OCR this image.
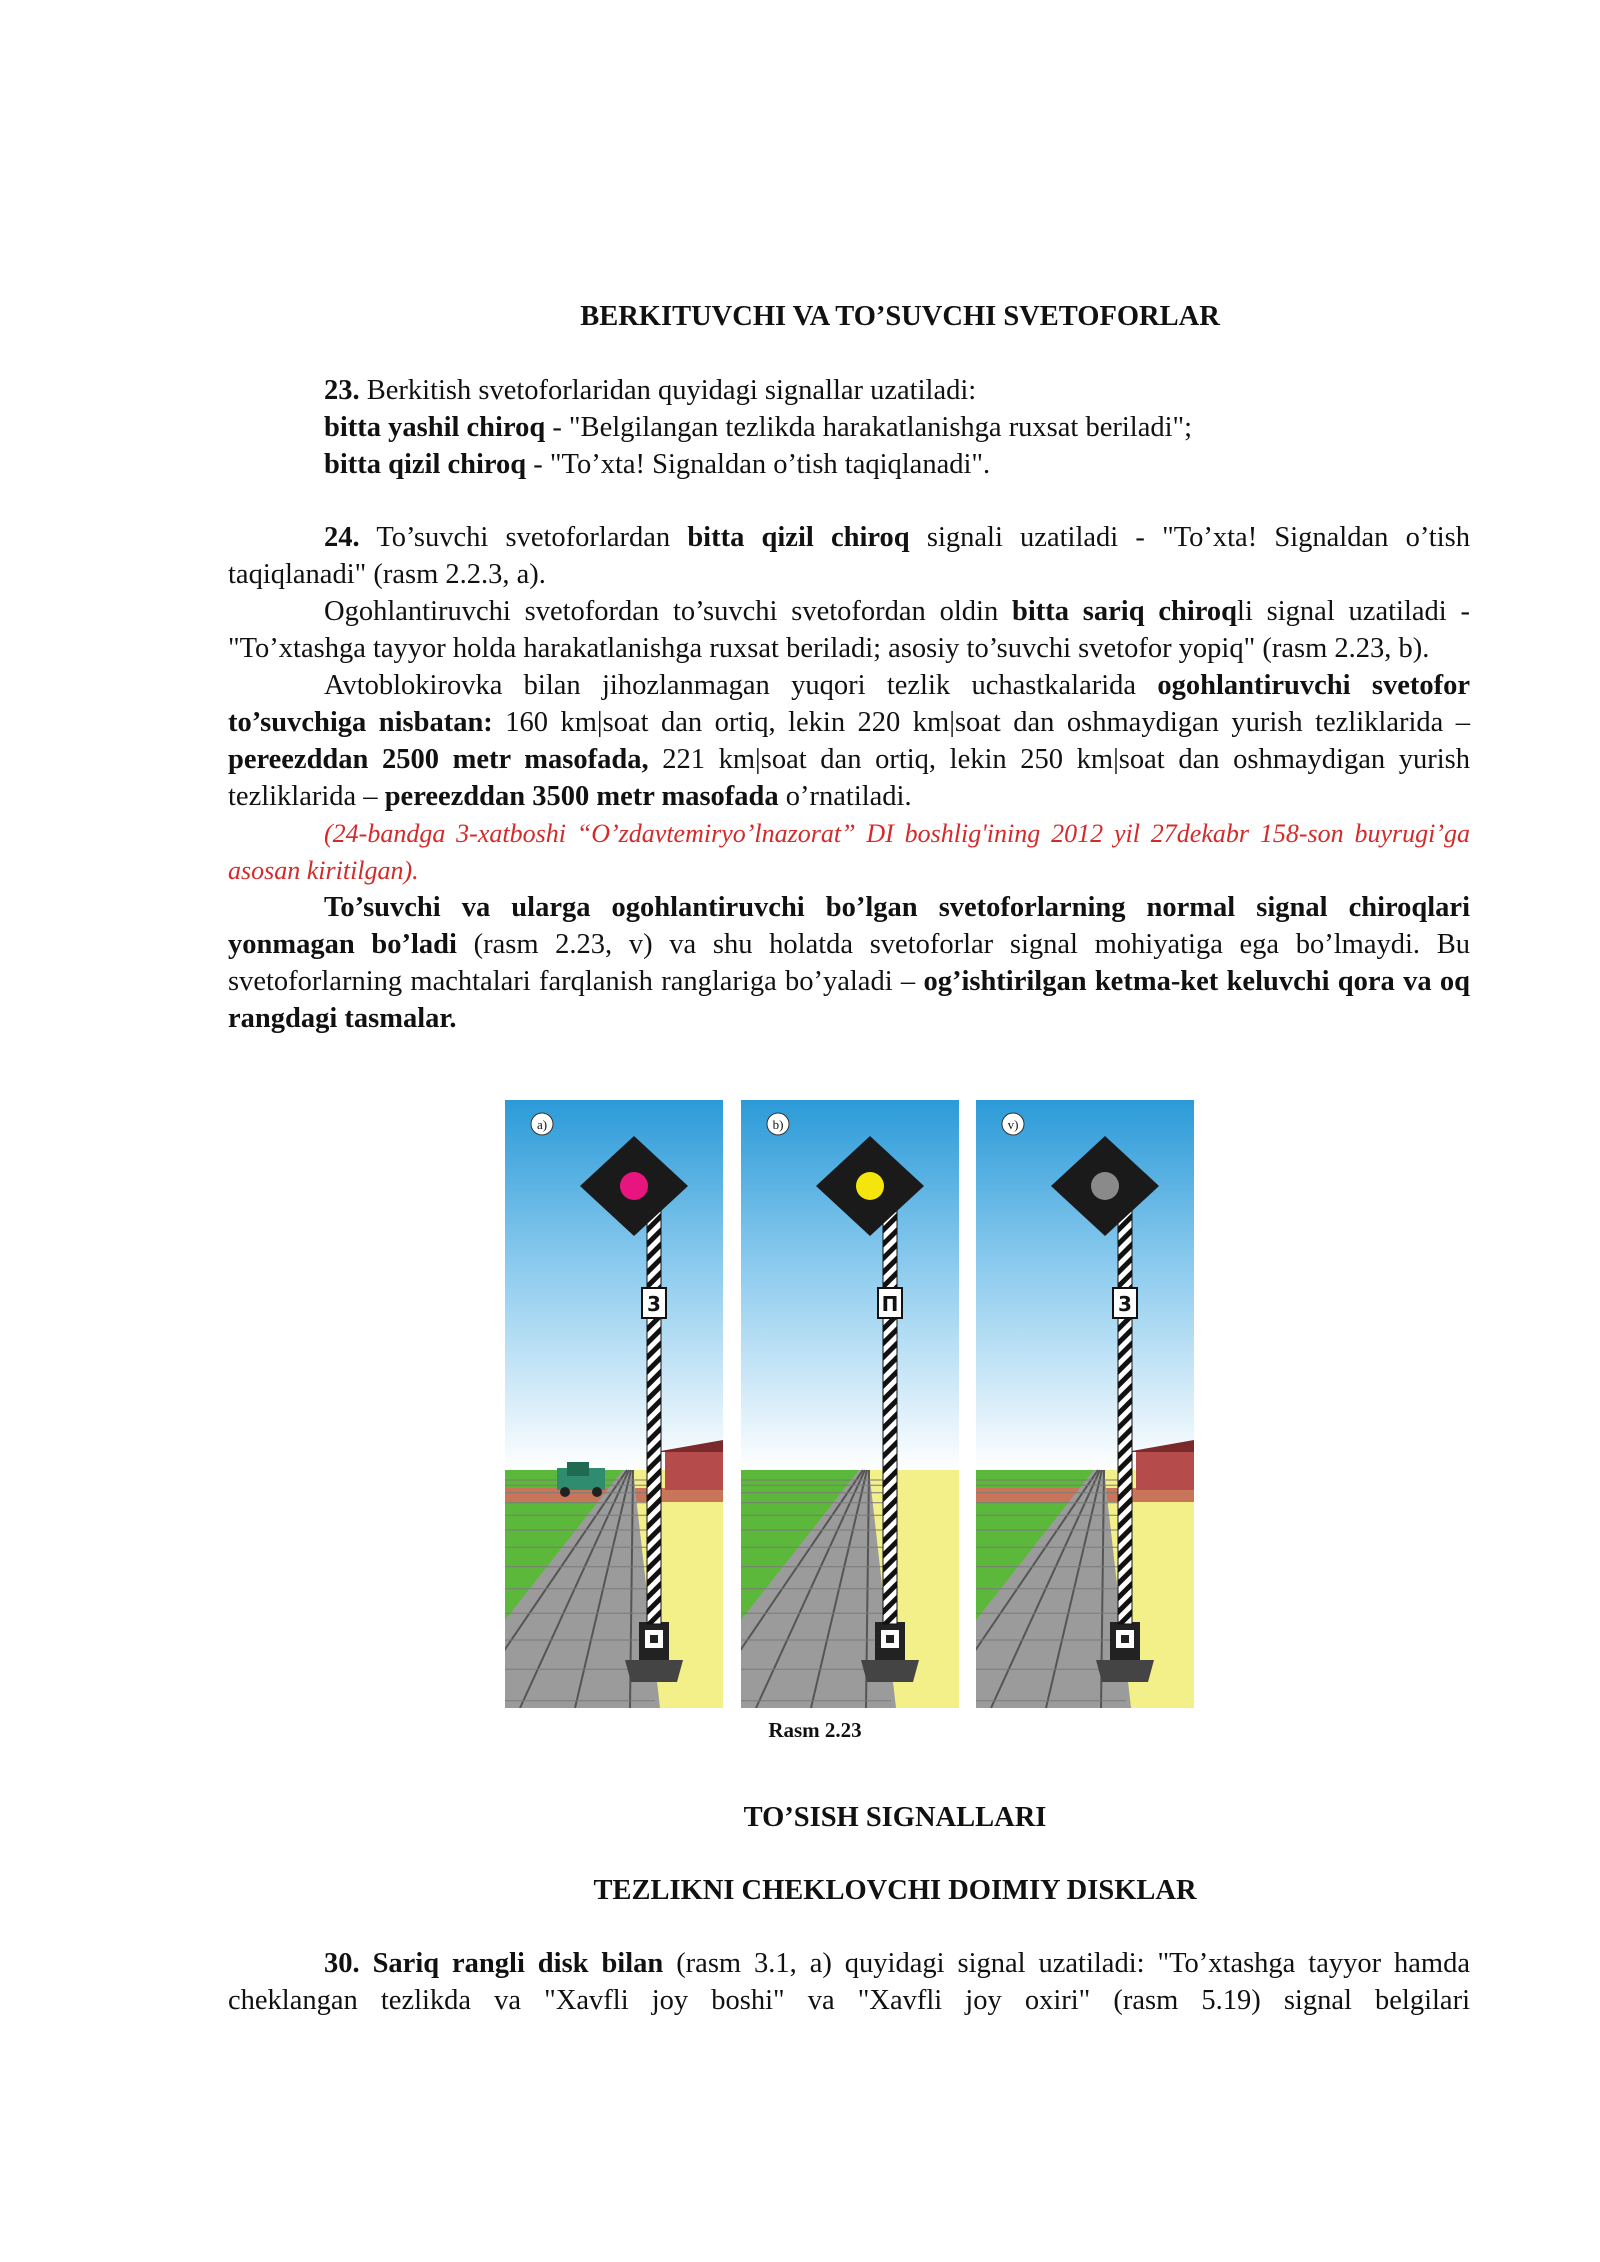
BERKITUVCHI VA TO’SUVCHI SVETOFORLAR

23. Berkitish svetoforlaridan quyidagi signallar uzatiladi:

bitta yashil chiroq - "Belgilangan tezlikda harakatlanishga ruxsat beriladi";

bitta qizil chiroq - "To’xta! Signaldan o’tish taqiqlanadi".

24. To’suvchi svetoforlardan bitta qizil chiroq signali uzatiladi - "To’xta! Signaldan o’tish taqiqlanadi" (rasm 2.2.3, a).

Ogohlantiruvchi svetofordan to’suvchi svetofordan oldin bitta sariq chiroqli signal uzatiladi - "To’xtashga tayyor holda harakatlanishga ruxsat beriladi; asosiy to’suvchi svetofor yopiq" (rasm 2.23, b).

Avtoblokirovka bilan jihozlanmagan yuqori tezlik uchastkalarida ogohlantiruvchi svetofor to’suvchiga nisbatan: 160 km|soat dan ortiq, lekin 220 km|soat dan oshmaydigan yurish tezliklarida – pereezddan 2500 metr masofada, 221 km|soat dan ortiq, lekin 250 km|soat dan oshmaydigan yurish tezliklarida – pereezddan 3500 metr masofada o’rnatiladi.

(24-bandga 3-xatboshi “O’zdavtemiryo’lnazorat” DI boshlig'ining 2012 yil 27dekabr 158-son buyrugi’ga asosan kiritilgan).

To’suvchi va ularga ogohlantiruvchi bo’lgan svetoforlarning normal signal chiroqlari yonmagan bo’ladi (rasm 2.23, v) va shu holatda svetoforlar signal mohiyatiga ega bo’lmaydi. Bu svetoforlarning machtalari farqlanish ranglariga bo’yaladi – og’ishtirilgan ketma-ket keluvchi qora va oq rangdagi tasmalar.

3
a)
П
b)
3
v)
Rasm 2.23
TO’SISH SIGNALLARI
TEZLIKNI CHEKLOVCHI DOIMIY DISKLAR

30. Sariq rangli disk bilan (rasm 3.1, a) quyidagi signal uzatiladi: "To’xtashga tayyor hamda cheklangan tezlikda va "Xavfli joy boshi" va "Xavfli joy oxiri" (rasm 5.19) signal belgilari
